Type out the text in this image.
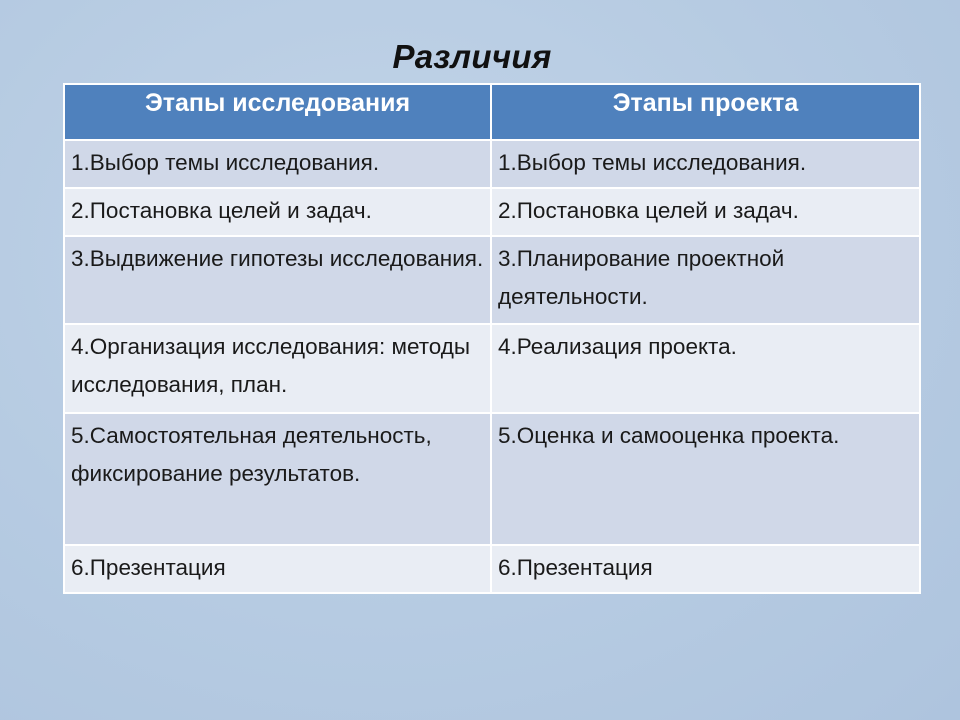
Различия
Этапы исследования	Этапы проекта
1.Выбор темы исследования.	1.Выбор темы исследования.
2.Постановка целей и задач.	2.Постановка целей и задач.
3.Выдвижение гипотезы исследования.	3.Планирование проектной деятельности.
4.Организация исследования: методы исследования, план.	4.Реализация проекта.
5.Самостоятельная деятельность, фиксирование результатов.	5.Оценка и самооценка проекта.
6.Презентация	6.Презентация
